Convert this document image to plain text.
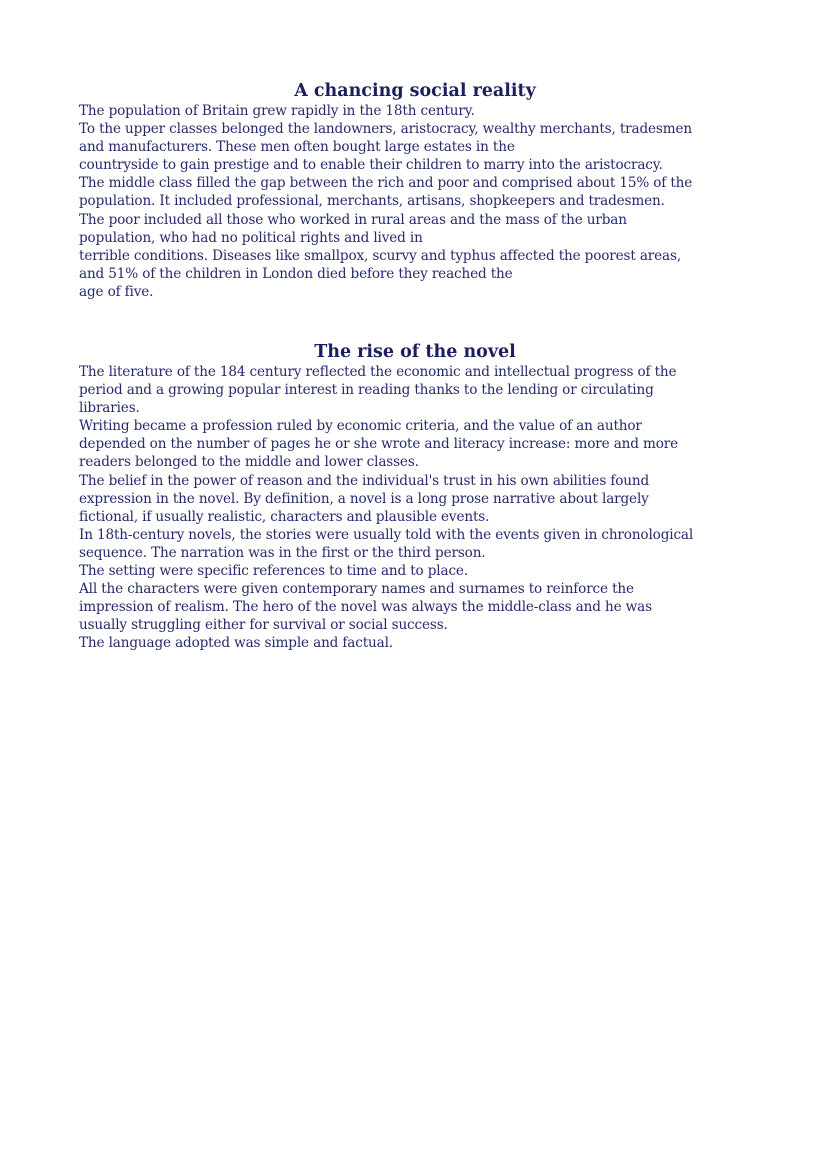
A chancing social reality
The population of Britain grew rapidly in the 18th century.
To the upper classes belonged the landowners, aristocracy, wealthy merchants, tradesmen
and manufacturers. These men often bought large estates in the
countryside to gain prestige and to enable their children to marry into the aristocracy.
The middle class filled the gap between the rich and poor and comprised about 15% of the
population. It included professional, merchants, artisans, shopkeepers and tradesmen.
The poor included all those who worked in rural areas and the mass of the urban
population, who had no political rights and lived in
terrible conditions. Diseases like smallpox, scurvy and typhus affected the poorest areas,
and 51% of the children in London died before they reached the
age of five.
The rise of the novel
The literature of the 184 century reflected the economic and intellectual progress of the
period and a growing popular interest in reading thanks to the lending or circulating
libraries.
Writing became a profession ruled by economic criteria, and the value of an author
depended on the number of pages he or she wrote and literacy increase: more and more
readers belonged to the middle and lower classes.
The belief in the power of reason and the individual's trust in his own abilities found
expression in the novel. By definition, a novel is a long prose narrative about largely
fictional, if usually realistic, characters and plausible events.
In 18th-century novels, the stories were usually told with the events given in chronological
sequence. The narration was in the first or the third person.
The setting were specific references to time and to place.
All the characters were given contemporary names and surnames to reinforce the
impression of realism. The hero of the novel was always the middle-class and he was
usually struggling either for survival or social success.
The language adopted was simple and factual.
